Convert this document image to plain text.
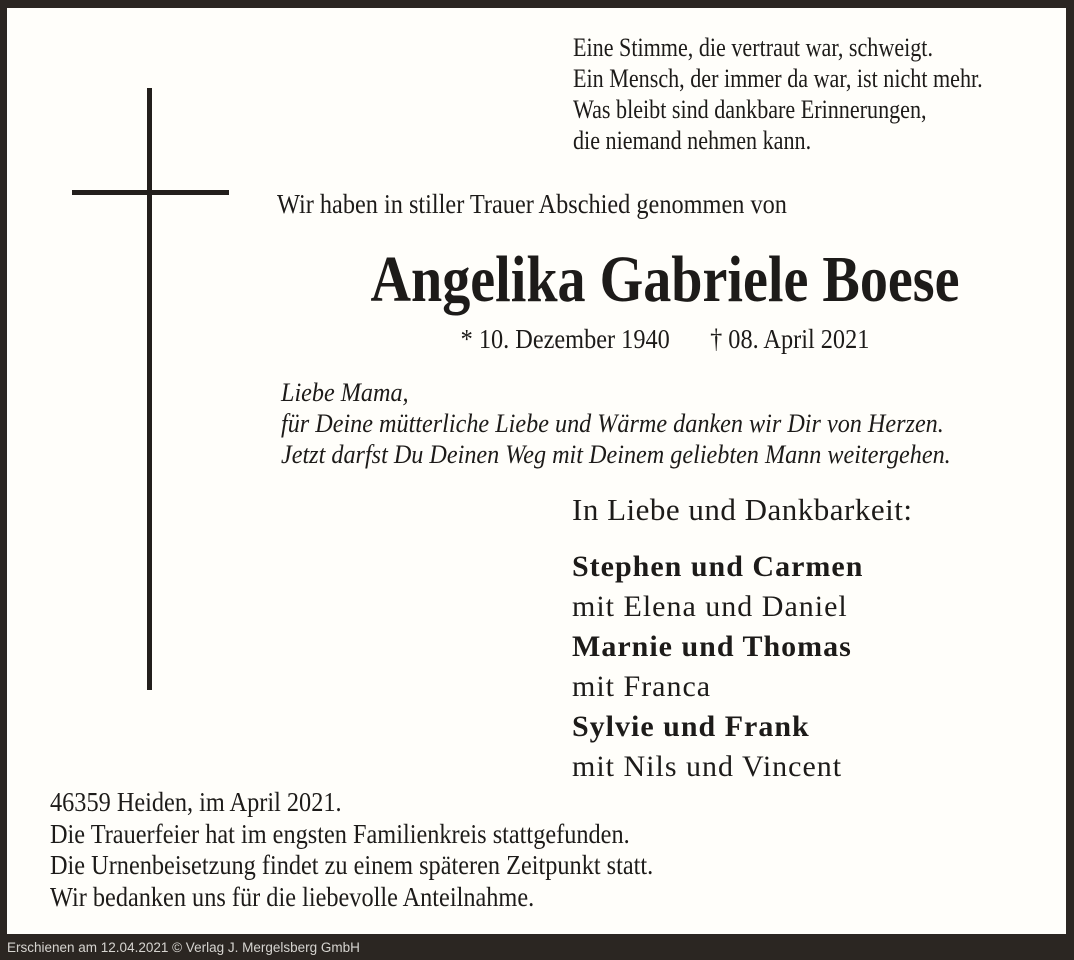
Eine Stimme, die vertraut war, schweigt.
Ein Mensch, der immer da war, ist nicht mehr.
Was bleibt sind dankbare Erinnerungen,
die niemand nehmen kann.
Wir haben in stiller Trauer Abschied genommen von
Angelika Gabriele Boese
* 10. Dezember 1940 † 08. April 2021
Liebe Mama,
für Deine mütterliche Liebe und Wärme danken wir Dir von Herzen.
Jetzt darfst Du Deinen Weg mit Deinem geliebten Mann weitergehen.
In Liebe und Dankbarkeit:
Stephen und Carmen
mit Elena und Daniel
Marnie und Thomas
mit Franca
Sylvie und Frank
mit Nils und Vincent
46359 Heiden, im April 2021.
Die Trauerfeier hat im engsten Familienkreis stattgefunden.
Die Urnenbeisetzung findet zu einem späteren Zeitpunkt statt.
Wir bedanken uns für die liebevolle Anteilnahme.
Erschienen am 12.04.2021 © Verlag J. Mergelsberg GmbH
